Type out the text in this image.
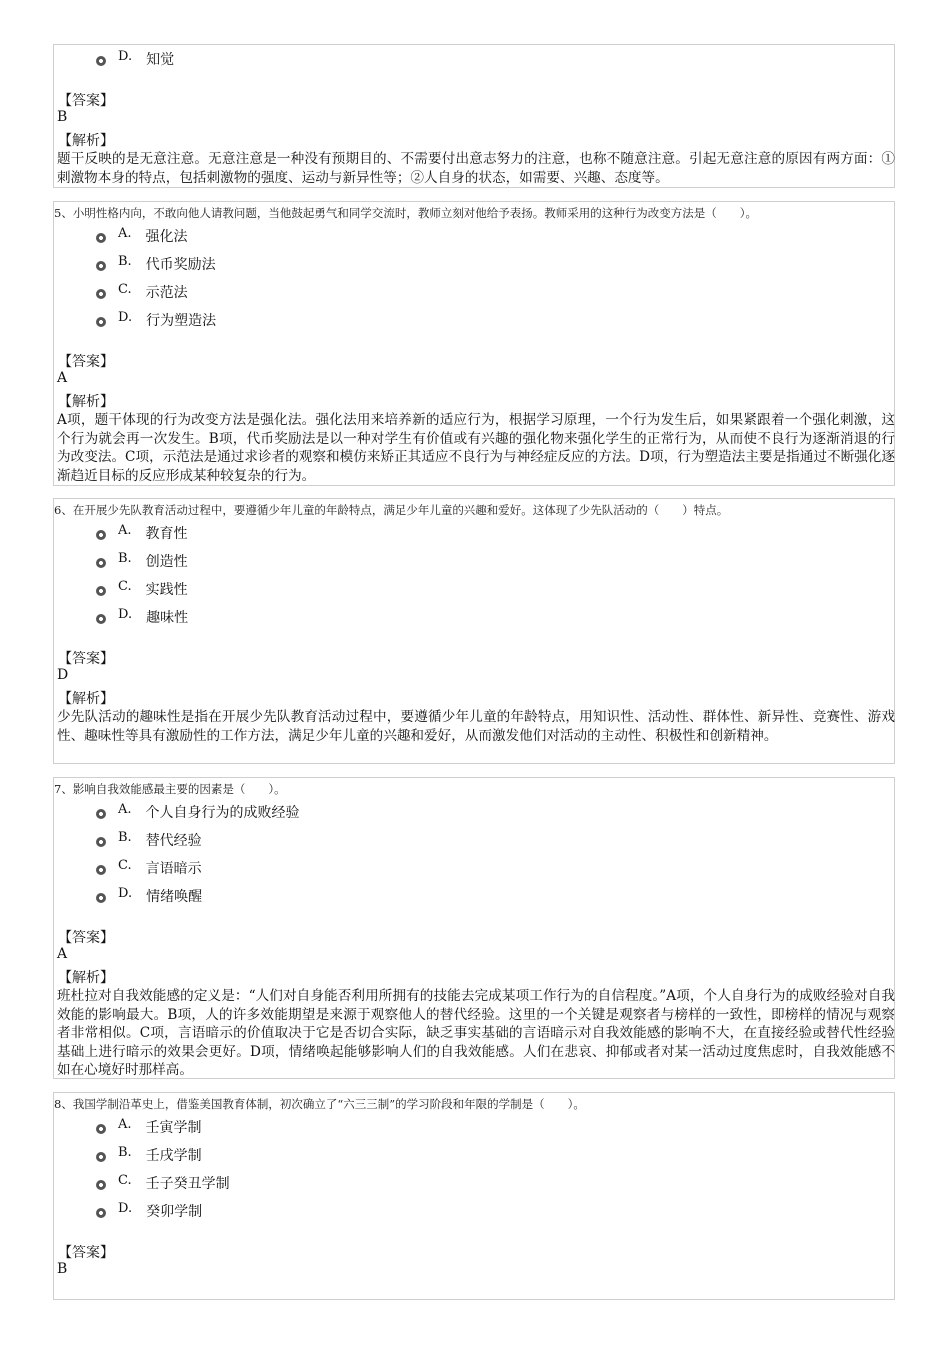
D. 知觉
【答案】
B
【解析】
题干反映的是无意注意。无意注意是一种没有预期目的、不需要付出意志努力的注意，也称不随意注意。引起无意注意的原因有两方面：①刺激物本身的特点，包括刺激物的强度、运动与新异性等；②人自身的状态，如需要、兴趣、态度等。
5、小明性格内向，不敢向他人请教问题，当他鼓起勇气和同学交流时，教师立刻对他给予表扬。教师采用的这种行为改变方法是（　　）。
A. 强化法
B. 代币奖励法
C. 示范法
D. 行为塑造法
【答案】
A
【解析】
A项，题干体现的行为改变方法是强化法。强化法用来培养新的适应行为，根据学习原理，一个行为发生后，如果紧跟着一个强化刺激，这个行为就会再一次发生。B项，代币奖励法是以一种对学生有价值或有兴趣的强化物来强化学生的正常行为，从而使不良行为逐渐消退的行为改变法。C项，示范法是通过求诊者的观察和模仿来矫正其适应不良行为与神经症反应的方法。D项，行为塑造法主要是指通过不断强化逐渐趋近目标的反应形成某种较复杂的行为。
6、在开展少先队教育活动过程中，要遵循少年儿童的年龄特点，满足少年儿童的兴趣和爱好。这体现了少先队活动的（　　）特点。
A. 教育性
B. 创造性
C. 实践性
D. 趣味性
【答案】
D
【解析】
少先队活动的趣味性是指在开展少先队教育活动过程中，要遵循少年儿童的年龄特点，用知识性、活动性、群体性、新异性、竞赛性、游戏性、趣味性等具有激励性的工作方法，满足少年儿童的兴趣和爱好，从而激发他们对活动的主动性、积极性和创新精神。
7、影响自我效能感最主要的因素是（　　）。
A. 个人自身行为的成败经验
B. 替代经验
C. 言语暗示
D. 情绪唤醒
【答案】
A
【解析】
班杜拉对自我效能感的定义是：“人们对自身能否利用所拥有的技能去完成某项工作行为的自信程度。”A项，个人自身行为的成败经验对自我效能的影响最大。B项，人的许多效能期望是来源于观察他人的替代经验。这里的一个关键是观察者与榜样的一致性，即榜样的情况与观察者非常相似。C项，言语暗示的价值取决于它是否切合实际，缺乏事实基础的言语暗示对自我效能感的影响不大，在直接经验或替代性经验基础上进行暗示的效果会更好。D项，情绪唤起能够影响人们的自我效能感。人们在悲哀、抑郁或者对某一活动过度焦虑时，自我效能感不如在心境好时那样高。
8、我国学制沿革史上，借鉴美国教育体制，初次确立了“六三三制”的学习阶段和年限的学制是（　　）。
A. 壬寅学制
B. 壬戌学制
C. 壬子癸丑学制
D. 癸卯学制
【答案】
B
